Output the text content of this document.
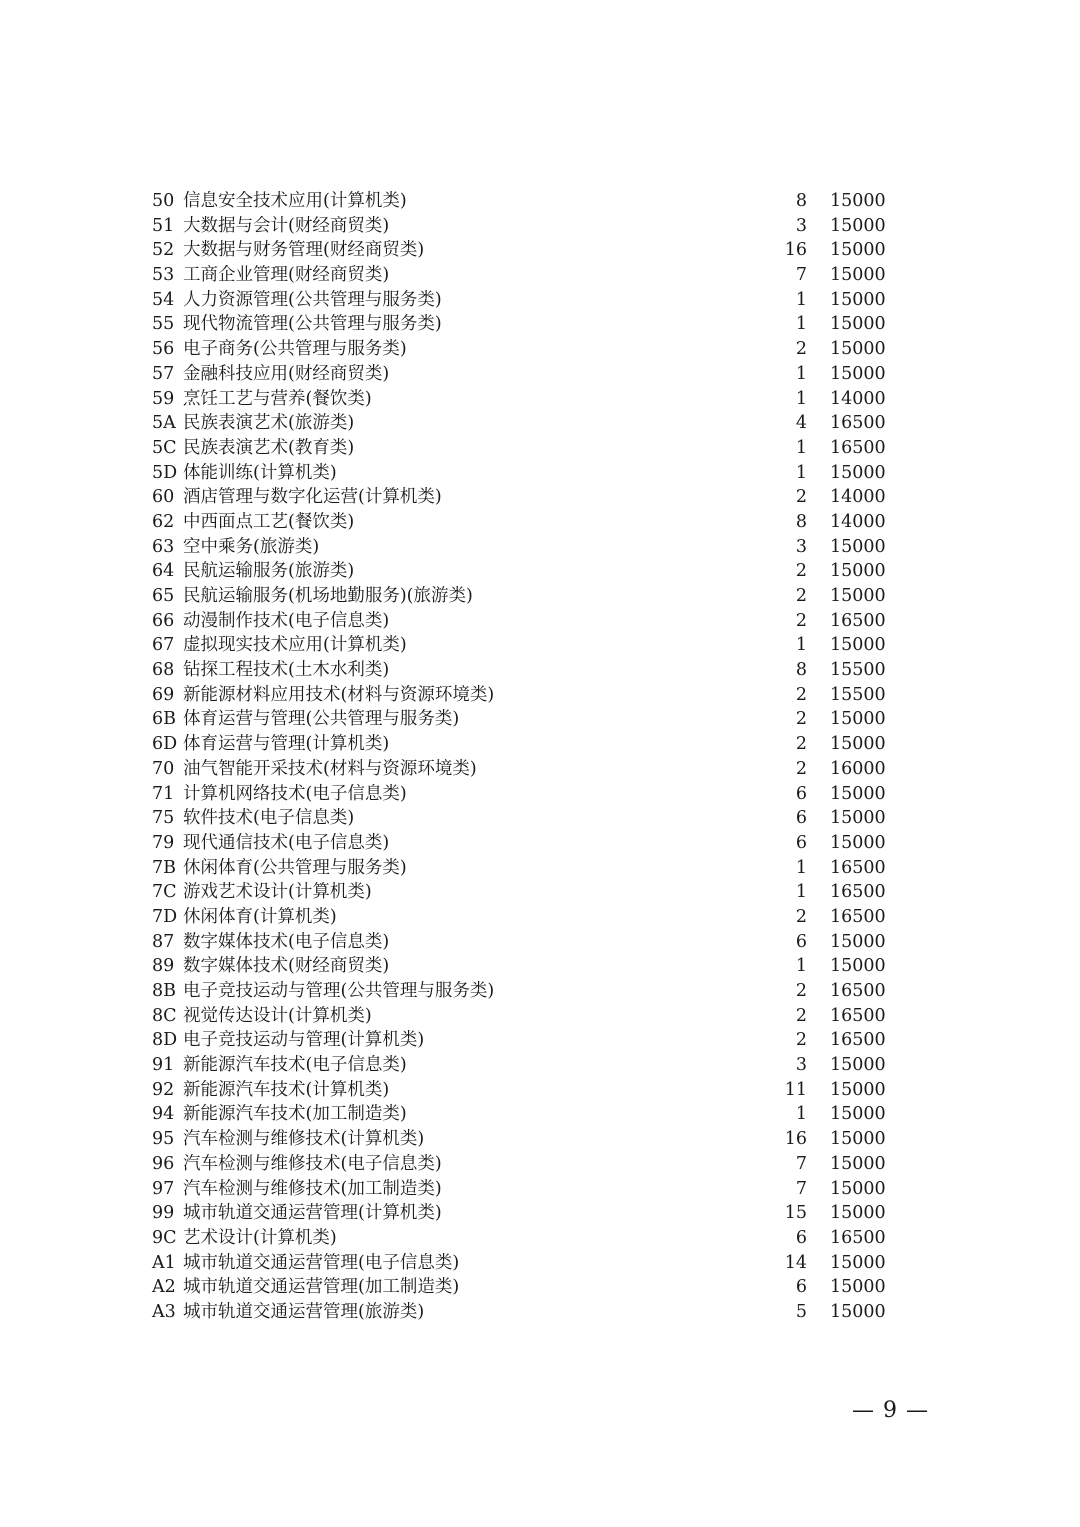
50 信息安全技术应用(计算机类)	8 15000
51 大数据与会计(财经商贸类)	3 15000
52 大数据与财务管理(财经商贸类)	16 15000
53 工商企业管理(财经商贸类)	7 15000
54 人力资源管理(公共管理与服务类)	1 15000
55 现代物流管理(公共管理与服务类)	1 15000
56 电子商务(公共管理与服务类)	2 15000
57 金融科技应用(财经商贸类)	1 15000
59 烹饪工艺与营养(餐饮类)	1 14000
5A 民族表演艺术(旅游类)	4 16500
5C 民族表演艺术(教育类)	1 16500
5D 体能训练(计算机类)	1 15000
60 酒店管理与数字化运营(计算机类)	2 14000
62 中西面点工艺(餐饮类)	8 14000
63 空中乘务(旅游类)	3 15000
64 民航运输服务(旅游类)	2 15000
65 民航运输服务(机场地勤服务)(旅游类)	2 15000
66 动漫制作技术(电子信息类)	2 16500
67 虚拟现实技术应用(计算机类)	1 15000
68 钻探工程技术(土木水利类)	8 15500
69 新能源材料应用技术(材料与资源环境类)	2 15500
6B 体育运营与管理(公共管理与服务类)	2 15000
6D 体育运营与管理(计算机类)	2 15000
70 油气智能开采技术(材料与资源环境类)	2 16000
71 计算机网络技术(电子信息类)	6 15000
75 软件技术(电子信息类)	6 15000
79 现代通信技术(电子信息类)	6 15000
7B 休闲体育(公共管理与服务类)	1 16500
7C 游戏艺术设计(计算机类)	1 16500
7D 休闲体育(计算机类)	2 16500
87 数字媒体技术(电子信息类)	6 15000
89 数字媒体技术(财经商贸类)	1 15000
8B 电子竞技运动与管理(公共管理与服务类)	2 16500
8C 视觉传达设计(计算机类)	2 16500
8D 电子竞技运动与管理(计算机类)	2 16500
91 新能源汽车技术(电子信息类)	3 15000
92 新能源汽车技术(计算机类)	11 15000
94 新能源汽车技术(加工制造类)	1 15000
95 汽车检测与维修技术(计算机类)	16 15000
96 汽车检测与维修技术(电子信息类)	7 15000
97 汽车检测与维修技术(加工制造类)	7 15000
99 城市轨道交通运营管理(计算机类)	15 15000
9C 艺术设计(计算机类)	6 16500
A1 城市轨道交通运营管理(电子信息类)	14 15000
A2 城市轨道交通运营管理(加工制造类)	6 15000
A3 城市轨道交通运营管理(旅游类)	5 15000
— 9 —
